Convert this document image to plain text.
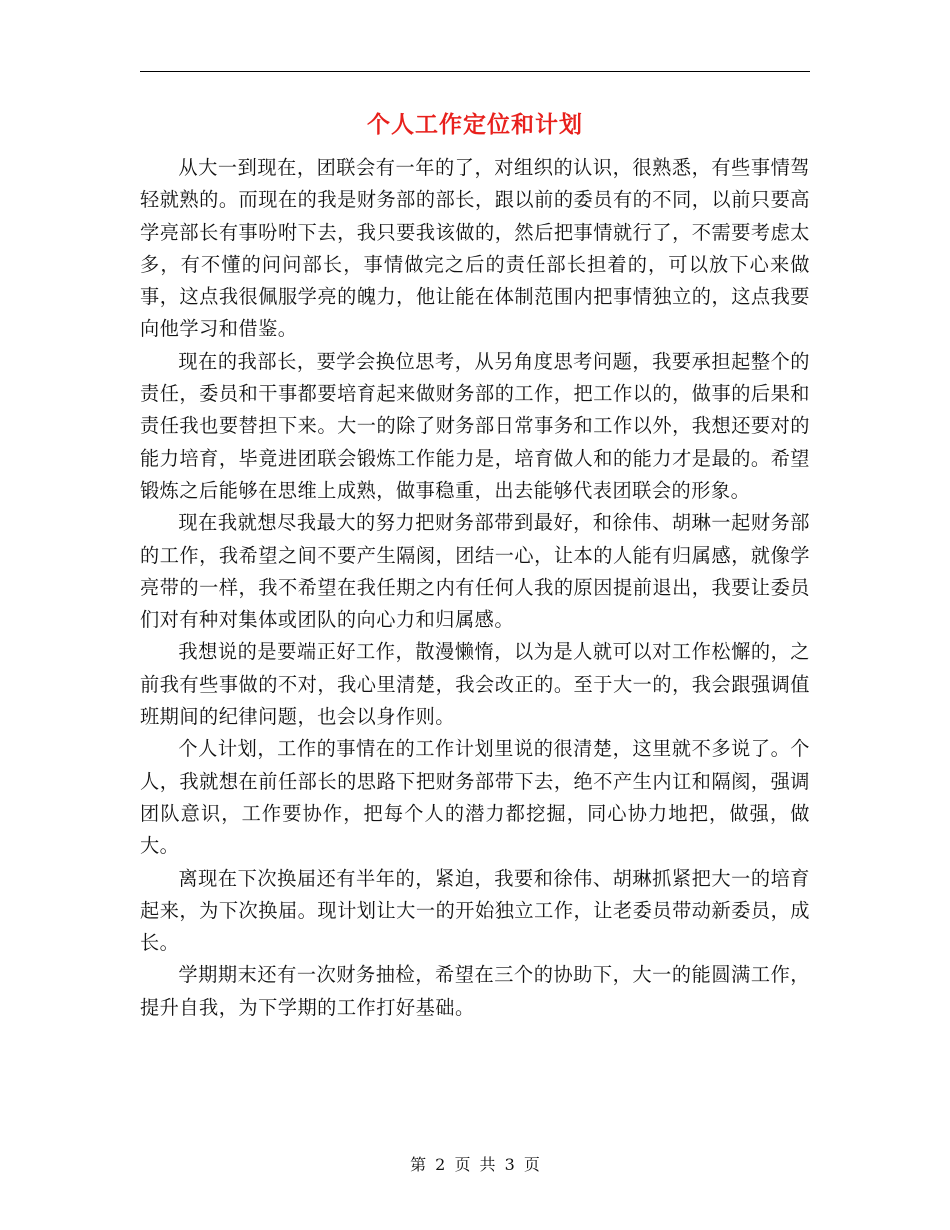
个人工作定位和计划

从大一到现在，团联会有一年的了，对组织的认识，很熟悉，有些事情驾轻就熟的。而现在的我是财务部的部长，跟以前的委员有的不同，以前只要高学亮部长有事吩咐下去，我只要我该做的，然后把事情就行了，不需要考虑太多，有不懂的问问部长，事情做完之后的责任部长担着的，可以放下心来做事，这点我很佩服学亮的魄力，他让能在体制范围内把事情独立的，这点我要向他学习和借鉴。

现在的我部长，要学会换位思考，从另角度思考问题，我要承担起整个的责任，委员和干事都要培育起来做财务部的工作，把工作以的，做事的后果和责任我也要替担下来。大一的除了财务部日常事务和工作以外，我想还要对的能力培育，毕竟进团联会锻炼工作能力是，培育做人和的能力才是最的。希望锻炼之后能够在思维上成熟，做事稳重，出去能够代表团联会的形象。

现在我就想尽我最大的努力把财务部带到最好，和徐伟、胡琳一起财务部的工作，我希望之间不要产生隔阂，团结一心，让本的人能有归属感，就像学亮带的一样，我不希望在我任期之内有任何人我的原因提前退出，我要让委员们对有种对集体或团队的向心力和归属感。

我想说的是要端正好工作，散漫懒惰，以为是人就可以对工作松懈的，之前我有些事做的不对，我心里清楚，我会改正的。至于大一的，我会跟强调值班期间的纪律问题，也会以身作则。

个人计划，工作的事情在的工作计划里说的很清楚，这里就不多说了。个人，我就想在前任部长的思路下把财务部带下去，绝不产生内讧和隔阂，强调团队意识，工作要协作，把每个人的潜力都挖掘，同心协力地把，做强，做大。

离现在下次换届还有半年的，紧迫，我要和徐伟、胡琳抓紧把大一的培育起来，为下次换届。现计划让大一的开始独立工作，让老委员带动新委员，成长。

学期期末还有一次财务抽检，希望在三个的协助下，大一的能圆满工作，提升自我，为下学期的工作打好基础。

第 2 页 共 3 页
